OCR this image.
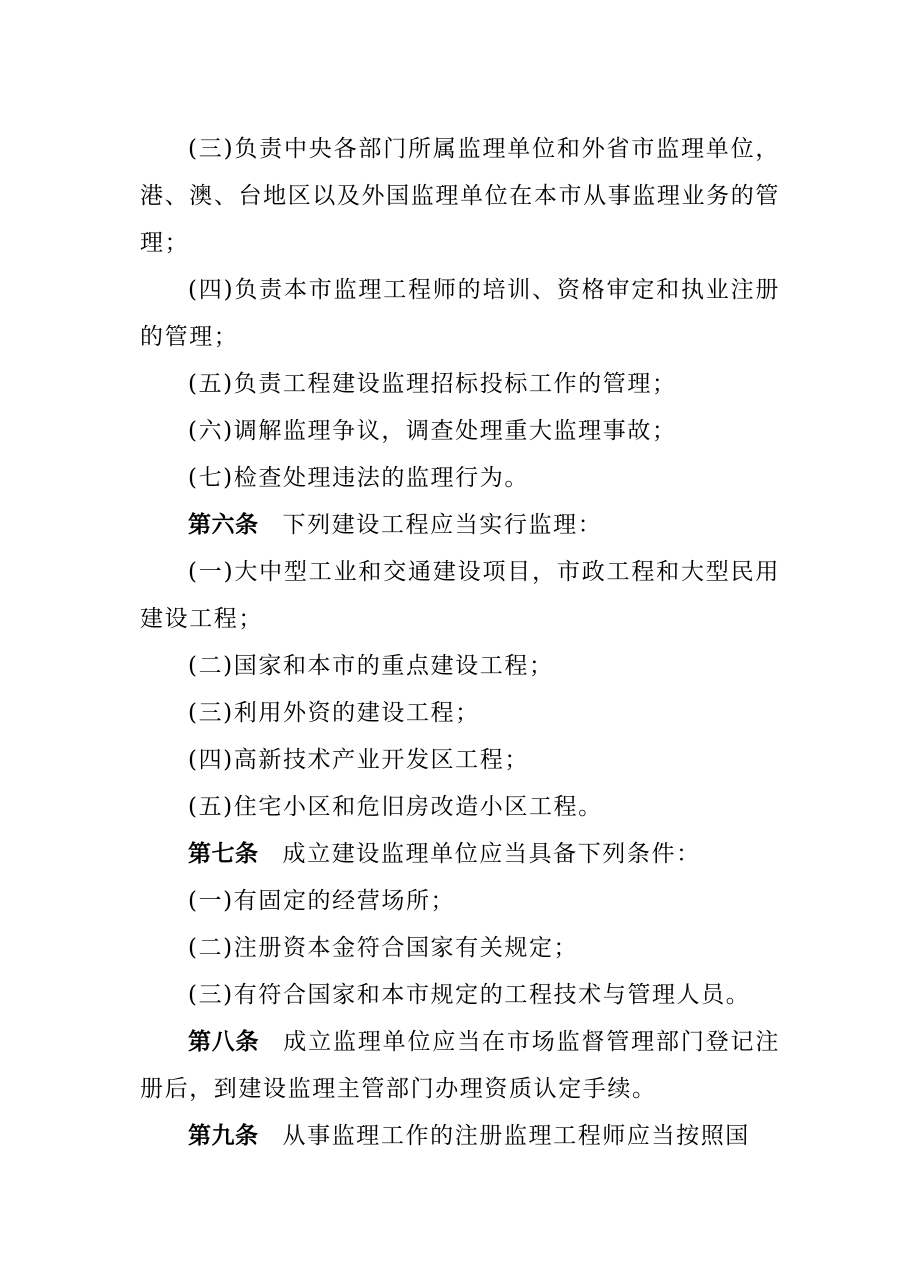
(三)负责中央各部门所属监理单位和外省市监理单位，港、澳、台地区以及外国监理单位在本市从事监理业务的管理；

(四)负责本市监理工程师的培训、资格审定和执业注册的管理；

(五)负责工程建设监理招标投标工作的管理；

(六)调解监理争议，调查处理重大监理事故；

(七)检查处理违法的监理行为。

第六条 下列建设工程应当实行监理：

(一)大中型工业和交通建设项目，市政工程和大型民用建设工程；

(二)国家和本市的重点建设工程；

(三)利用外资的建设工程；

(四)高新技术产业开发区工程；

(五)住宅小区和危旧房改造小区工程。

第七条 成立建设监理单位应当具备下列条件：

(一)有固定的经营场所；

(二)注册资本金符合国家有关规定；

(三)有符合国家和本市规定的工程技术与管理人员。

第八条 成立监理单位应当在市场监督管理部门登记注册后，到建设监理主管部门办理资质认定手续。

第九条 从事监理工作的注册监理工程师应当按照国
